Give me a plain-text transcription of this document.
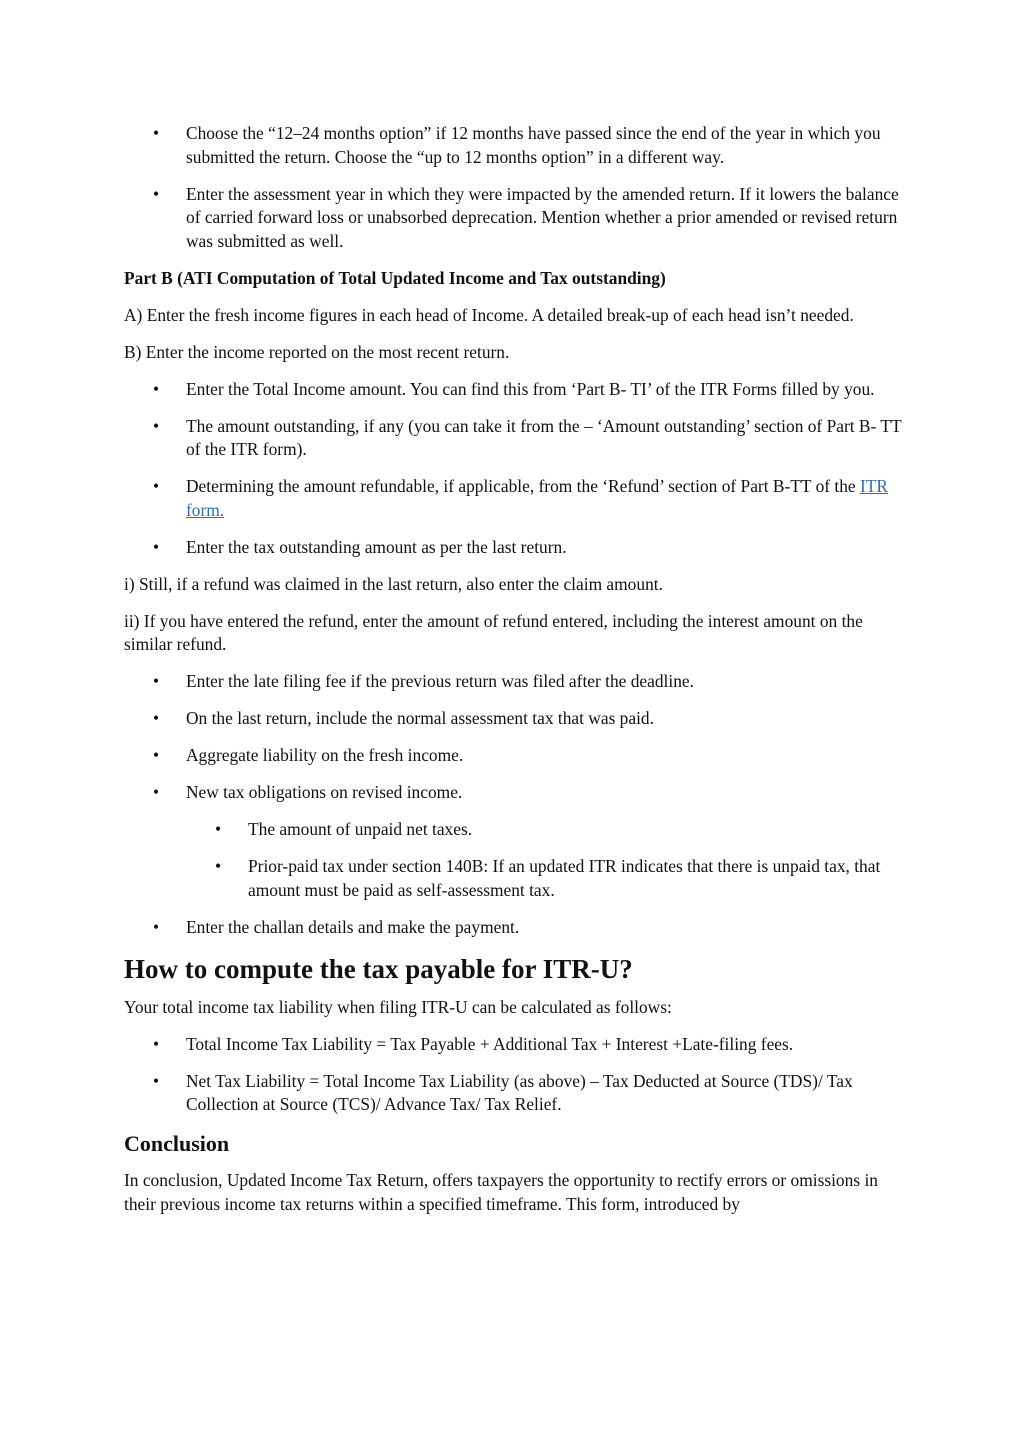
• Choose the “12–24 months option” if 12 months have passed since the end of the year in which you submitted the return. Choose the “up to 12 months option” in a different way.
• Enter the assessment year in which they were impacted by the amended return. If it lowers the balance of carried forward loss or unabsorbed deprecation. Mention whether a prior amended or revised return was submitted as well.

Part B (ATI Computation of Total Updated Income and Tax outstanding)

A) Enter the fresh income figures in each head of Income. A detailed break-up of each head isn’t needed.

B) Enter the income reported on the most recent return.

• Enter the Total Income amount. You can find this from ‘Part B- TI’ of the ITR Forms filled by you.
• The amount outstanding, if any (you can take it from the – ‘Amount outstanding’ section of Part B- TT of the ITR form).
• Determining the amount refundable, if applicable, from the ‘Refund’ section of Part B-TT of the ITR form.
• Enter the tax outstanding amount as per the last return.

i) Still, if a refund was claimed in the last return, also enter the claim amount.

ii) If you have entered the refund, enter the amount of refund entered, including the interest amount on the similar refund.

• Enter the late filing fee if the previous return was filed after the deadline.
• On the last return, include the normal assessment tax that was paid.
• Aggregate liability on the fresh income.
• New tax obligations on revised income.
• The amount of unpaid net taxes.
• Prior-paid tax under section 140B: If an updated ITR indicates that there is unpaid tax, that amount must be paid as self-assessment tax.
• Enter the challan details and make the payment.
How to compute the tax payable for ITR-U?

Your total income tax liability when filing ITR-U can be calculated as follows:

• Total Income Tax Liability = Tax Payable + Additional Tax + Interest +Late-filing fees.
• Net Tax Liability = Total Income Tax Liability (as above) – Tax Deducted at Source (TDS)/ Tax Collection at Source (TCS)/ Advance Tax/ Tax Relief.
Conclusion

In conclusion, Updated Income Tax Return, offers taxpayers the opportunity to rectify errors or omissions in their previous income tax returns within a specified timeframe. This form, introduced by
